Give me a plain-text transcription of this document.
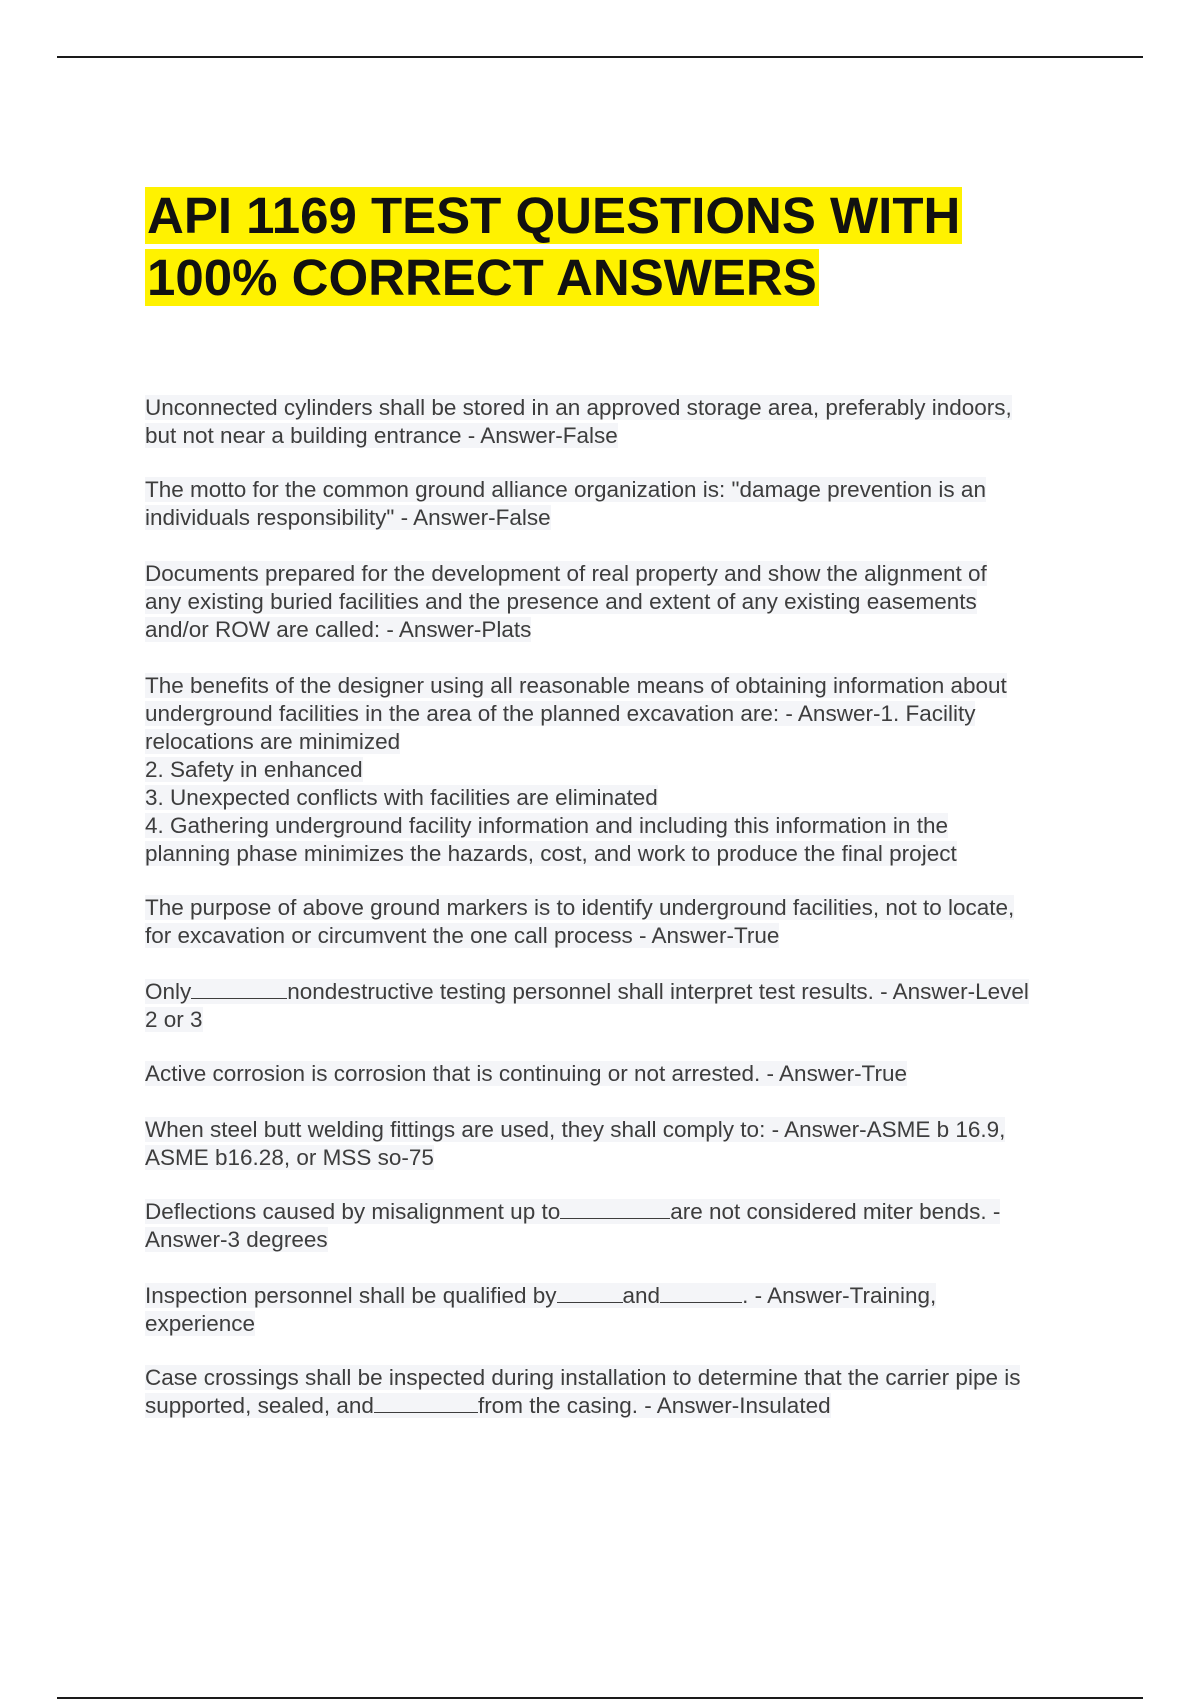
API 1169 TEST QUESTIONS WITH
100% CORRECT ANSWERS

Unconnected cylinders shall be stored in an approved storage area, preferably indoors,
but not near a building entrance - Answer-False

The motto for the common ground alliance organization is: "damage prevention is an
individuals responsibility" - Answer-False

Documents prepared for the development of real property and show the alignment of
any existing buried facilities and the presence and extent of any existing easements
and/or ROW are called: - Answer-Plats

The benefits of the designer using all reasonable means of obtaining information about
underground facilities in the area of the planned excavation are: - Answer-1. Facility
relocations are minimized
2. Safety in enhanced
3. Unexpected conflicts with facilities are eliminated
4. Gathering underground facility information and including this information in the
planning phase minimizes the hazards, cost, and work to produce the final project

The purpose of above ground markers is to identify underground facilities, not to locate,
for excavation or circumvent the one call process - Answer-True

Only	nondestructive testing personnel shall interpret test results. - Answer-Level
2 or 3

Active corrosion is corrosion that is continuing or not arrested. - Answer-True

When steel butt welding fittings are used, they shall comply to: - Answer-ASME b 16.9,
ASME b16.28, or MSS so-75

Deflections caused by misalignment up to	are not considered miter bends. -
Answer-3 degrees

Inspection personnel shall be qualified by	and	. - Answer-Training,
experience

Case crossings shall be inspected during installation to determine that the carrier pipe is
supported, sealed, and	from the casing. - Answer-Insulated
